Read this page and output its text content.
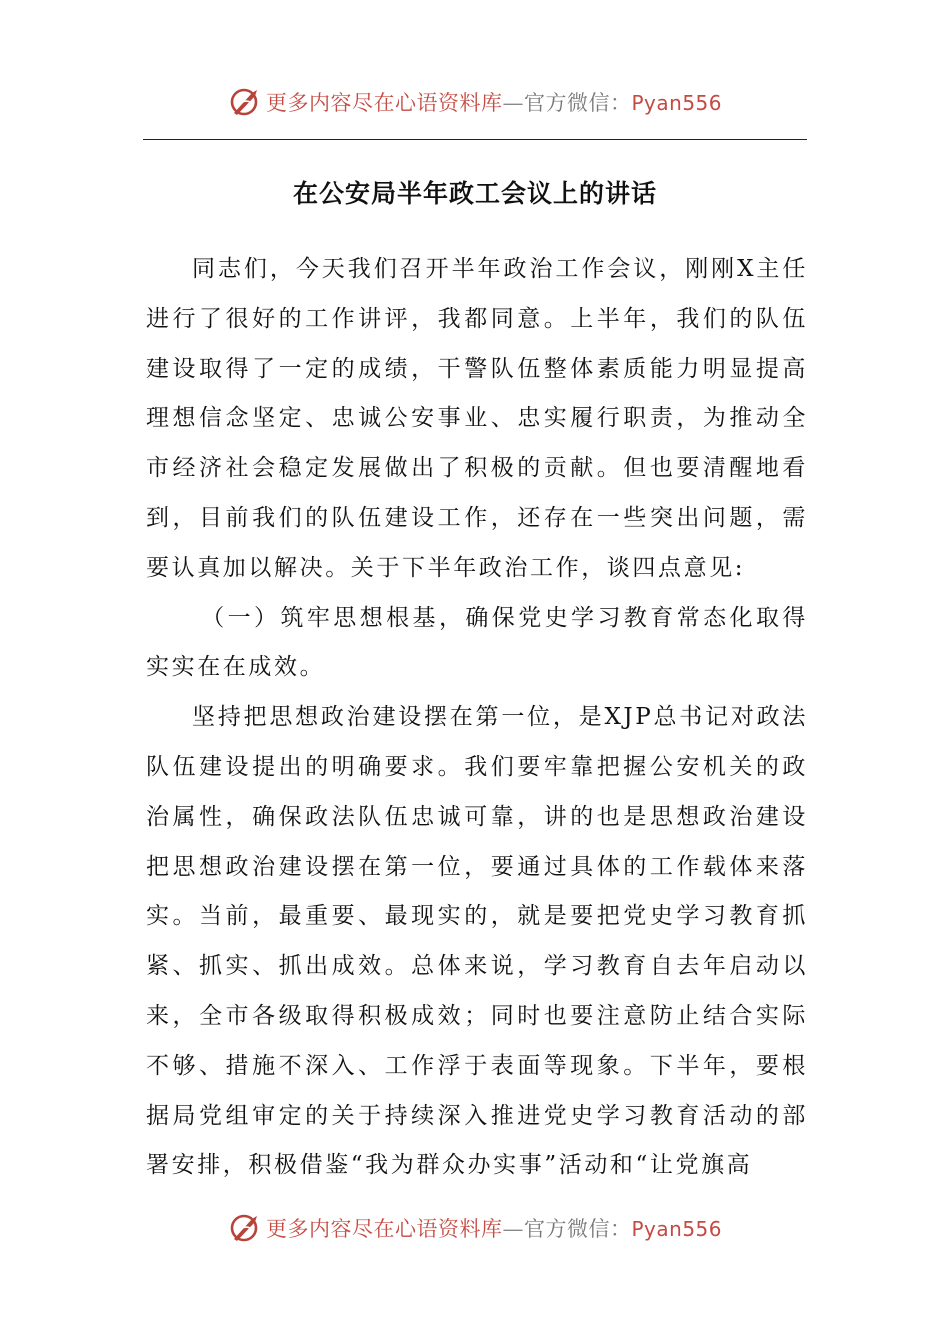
更多内容尽在心语资料库—官方微信：Pyan556
在公安局半年政工会议上的讲话

同志们，今天我们召开半年政治工作会议，刚刚X主任进行了很好的工作讲评，我都同意。上半年，我们的队伍建设取得了一定的成绩，干警队伍整体素质能力明显提高理想信念坚定、忠诚公安事业、忠实履行职责，为推动全市经济社会稳定发展做出了积极的贡献。但也要清醒地看到，目前我们的队伍建设工作，还存在一些突出问题，需要认真加以解决。关于下半年政治工作，谈四点意见:

（一）筑牢思想根基，确保党史学习教育常态化取得实实在在成效。

坚持把思想政治建设摆在第一位，是XJP总书记对政法队伍建设提出的明确要求。我们要牢靠把握公安机关的政治属性，确保政法队伍忠诚可靠，讲的也是思想政治建设把思想政治建设摆在第一位，要通过具体的工作载体来落实。当前，最重要、最现实的，就是要把党史学习教育抓紧、抓实、抓出成效。总体来说，学习教育自去年启动以来，全市各级取得积极成效；同时也要注意防止结合实际不够、措施不深入、工作浮于表面等现象。下半年，要根据局党组审定的关于持续深入推进党史学习教育活动的部署安排，积极借鉴“我为群众办实事”活动和“让党旗高

更多内容尽在心语资料库—官方微信：Pyan556
